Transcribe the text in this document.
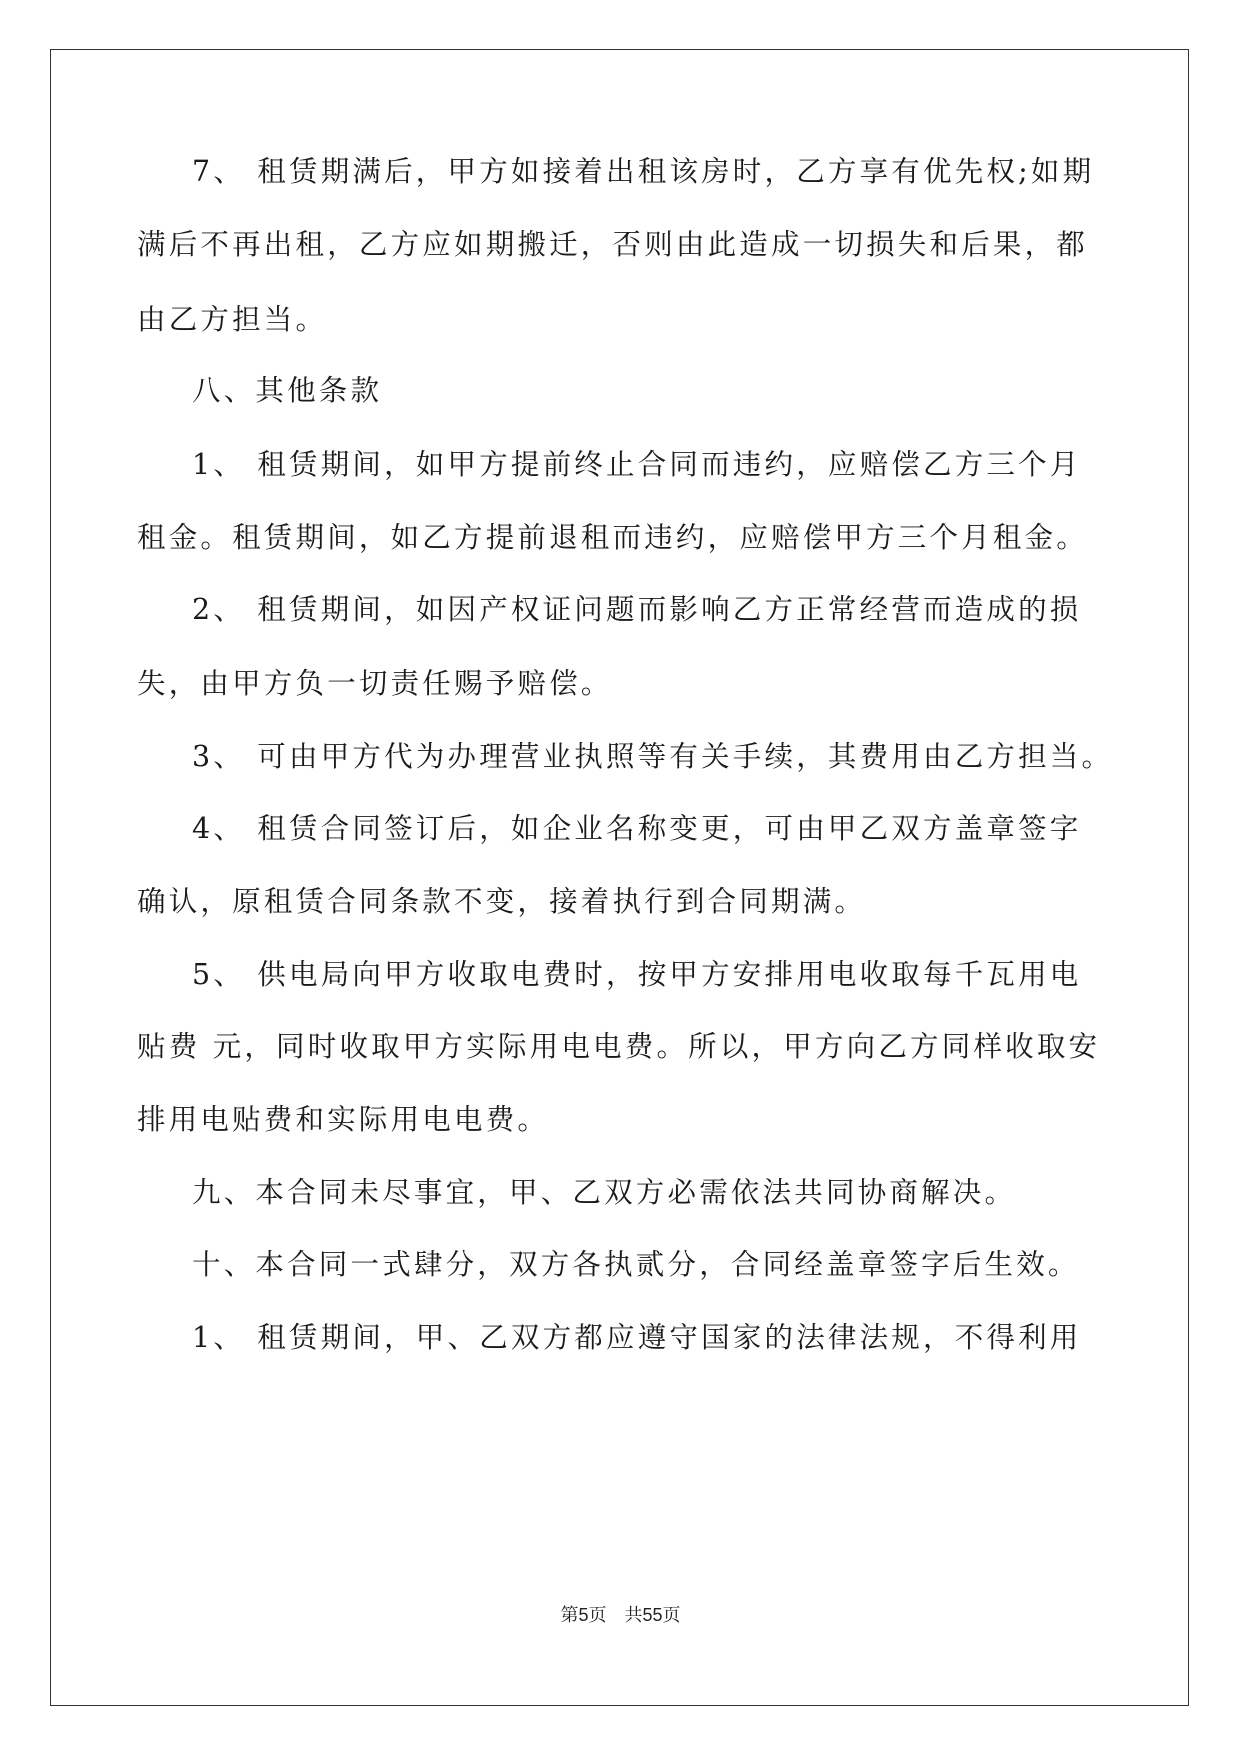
7、 租赁期满后，甲方如接着出租该房时，乙方享有优先权;如期
满后不再出租，乙方应如期搬迁，否则由此造成一切损失和后果，都
由乙方担当。
八、其他条款
1、 租赁期间，如甲方提前终止合同而违约，应赔偿乙方三个月
租金。租赁期间，如乙方提前退租而违约，应赔偿甲方三个月租金。
2、 租赁期间，如因产权证问题而影响乙方正常经营而造成的损
失，由甲方负一切责任赐予赔偿。
3、 可由甲方代为办理营业执照等有关手续，其费用由乙方担当。
4、 租赁合同签订后，如企业名称变更，可由甲乙双方盖章签字
确认，原租赁合同条款不变，接着执行到合同期满。
5、 供电局向甲方收取电费时，按甲方安排用电收取每千瓦用电
贴费 元，同时收取甲方实际用电电费。所以，甲方向乙方同样收取安
排用电贴费和实际用电电费。
九、本合同未尽事宜，甲、乙双方必需依法共同协商解决。
十、本合同一式肆分，双方各执贰分，合同经盖章签字后生效。
1、 租赁期间，甲、乙双方都应遵守国家的法律法规，不得利用
第5页 共55页
